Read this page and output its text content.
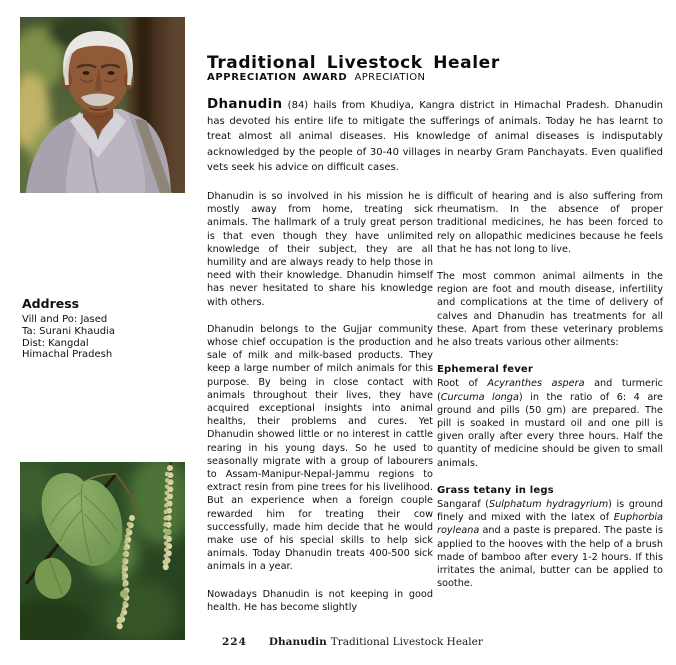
Traditional Livestock Healer
APPRECIATION AWARD APRECIATION
Dhanudin (84) hails from Khudiya, Kangra district in Himachal Pradesh. Dhanudin has devoted his entire life to mitigate the sufferings of animals. Today he has learnt to treat almost all animal diseases. His knowledge of animal diseases is indisputably acknowledged by the people of 30-40 villages in nearby Gram Panchayats. Even qualified vets seek his advice on difficult cases.
Address
Vill and Po: Jased
Ta: Surani Khaudia
Dist: Kangdal
Himachal Pradesh

Dhanudin is so involved in his mission he is mostly away from home, treating sick animals. The hallmark of a truly great person is that even though they have unlimited knowledge of their subject, they are all humility and are always ready to help those in need with their knowledge. Dhanudin himself has never hesitated to share his knowledge with others.

Dhanudin belongs to the Gujjar community whose chief occupation is the production and sale of milk and milk-based products. They keep a large number of milch animals for this purpose. By being in close contact with animals throughout their lives, they have acquired exceptional insights into animal healths, their problems and cures. Yet Dhanudin showed little or no interest in cattle rearing in his young days. So he used to seasonally migrate with a group of labourers to Assam-Manipur-Nepal-Jammu regions to extract resin from pine trees for his livelihood. But an experience when a foreign couple rewarded him for treating their cow successfully, made him decide that he would make use of his special skills to help sick animals. Today Dhanudin treats 400-500 sick animals in a year.

Nowadays Dhanudin is not keeping in good health. He has become slightly

difficult of hearing and is also suffering from rheumatism. In the absence of proper traditional medicines, he has been forced to rely on allopathic medicines because he feels that he has not long to live.

The most common animal ailments in the region are foot and mouth disease, infertility and complications at the time of delivery of calves and Dhanudin has treatments for all these. Apart from these veterinary problems he also treats various other ailments:

Ephemeral fever

Root of Acyranthes aspera and turmeric (Curcuma longa) in the ratio of 6: 4 are ground and pills (50 gm) are prepared. The pill is soaked in mustard oil and one pill is given orally after every three hours. Half the quantity of medicine should be given to small animals.

Grass tetany in legs

Sangaraf (Sulphatum hydragyrium) is ground finely and mixed with the latex of Euphorbia royleana and a paste is prepared. The paste is applied to the hooves with the help of a brush made of bamboo after every 1-2 hours. If this irritates the animal, butter can be applied to soothe.

224 Dhanudin Traditional Livestock Healer
